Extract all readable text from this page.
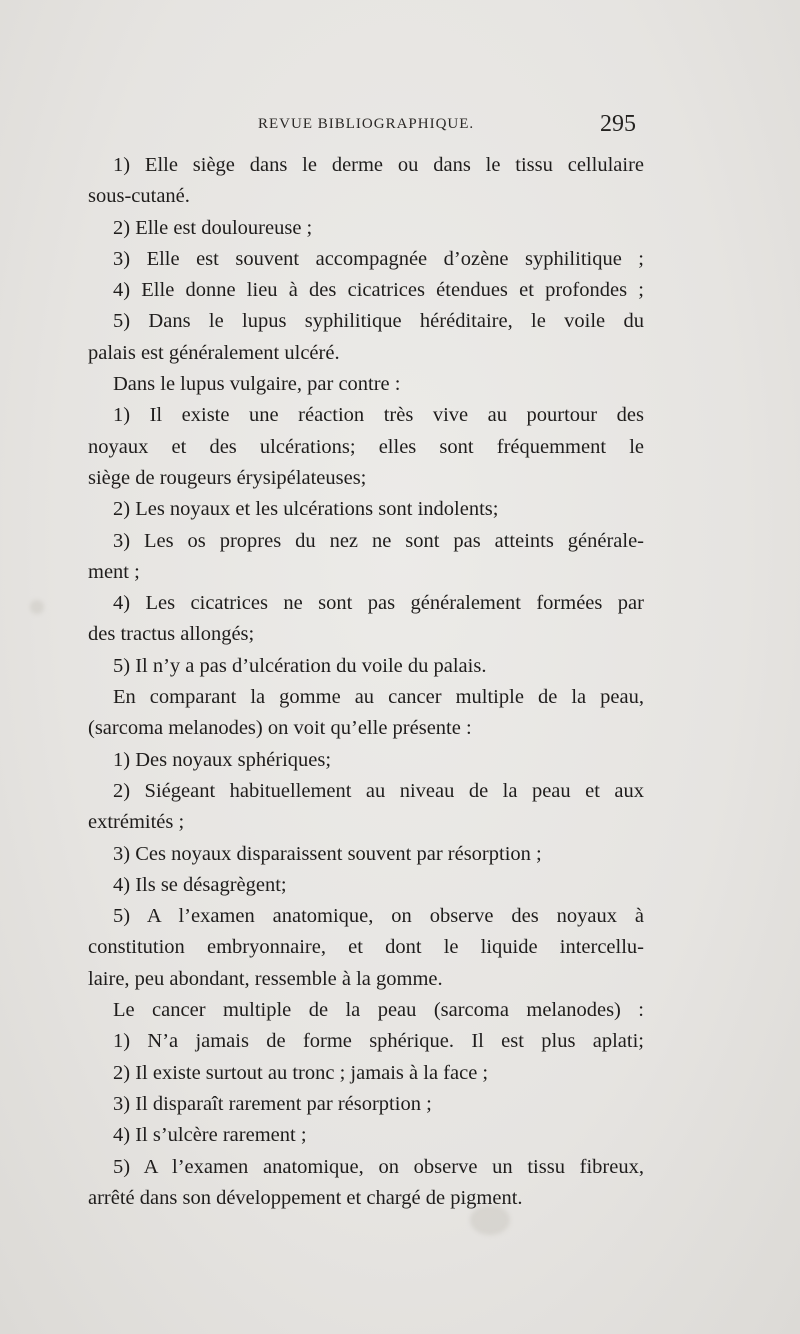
REVUE BIBLIOGRAPHIQUE.	295
1) Elle siège dans le derme ou dans le tissu cellulaire
sous-cutané.
2) Elle est douloureuse ;
3) Elle est souvent accompagnée d’ozène syphilitique ;
4) Elle donne lieu à des cicatrices étendues et profondes ;
5) Dans le lupus syphilitique héréditaire, le voile du
palais est généralement ulcéré.
Dans le lupus vulgaire, par contre :
1) Il existe une réaction très vive au pourtour des
noyaux et des ulcérations; elles sont fréquemment le
siège de rougeurs érysipélateuses;
2) Les noyaux et les ulcérations sont indolents;
3) Les os propres du nez ne sont pas atteints générale-
ment ;
4) Les cicatrices ne sont pas généralement formées par
des tractus allongés;
5) Il n’y a pas d’ulcération du voile du palais.
En comparant la gomme au cancer multiple de la peau,
(sarcoma melanodes) on voit qu’elle présente :
1) Des noyaux sphériques;
2) Siégeant habituellement au niveau de la peau et aux
extrémités ;
3) Ces noyaux disparaissent souvent par résorption ;
4) Ils se désagrègent;
5) A l’examen anatomique, on observe des noyaux à
constitution embryonnaire, et dont le liquide intercellu-
laire, peu abondant, ressemble à la gomme.
Le cancer multiple de la peau (sarcoma melanodes) :
1) N’a jamais de forme sphérique. Il est plus aplati;
2) Il existe surtout au tronc ; jamais à la face ;
3) Il disparaît rarement par résorption ;
4) Il s’ulcère rarement ;
5) A l’examen anatomique, on observe un tissu fibreux,
arrêté dans son développement et chargé de pigment.
